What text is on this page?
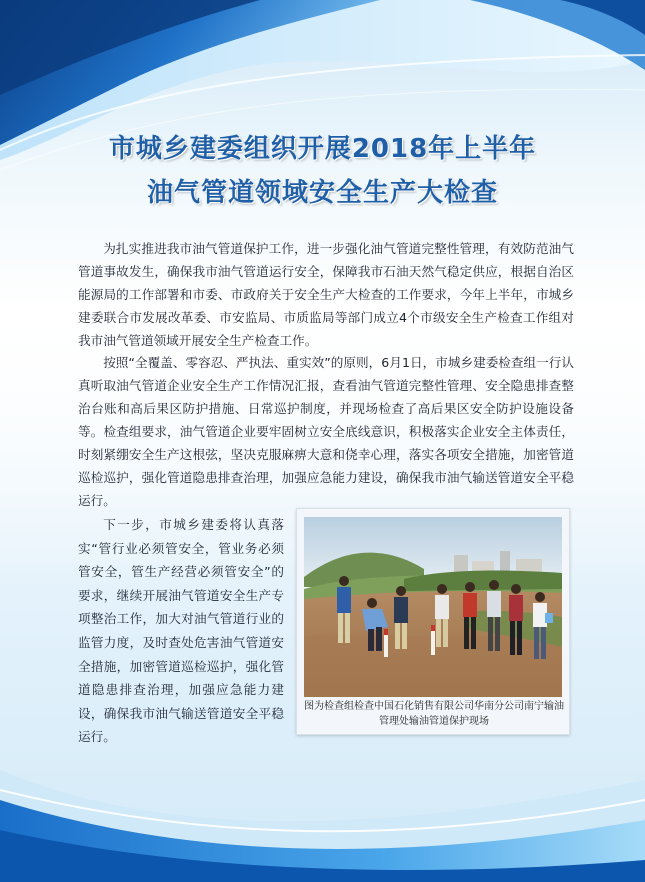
市城乡建委组织开展2018年上半年
油气管道领域安全生产大检查

为扎实推进我市油气管道保护工作，进一步强化油气管道完整性管理，有效防范油气管道事故发生，确保我市油气管道运行安全，保障我市石油天然气稳定供应，根据自治区能源局的工作部署和市委、市政府关于安全生产大检查的工作要求，今年上半年，市城乡建委联合市发展改革委、市安监局、市质监局等部门成立4个市级安全生产检查工作组对我市油气管道领域开展安全生产检查工作。

按照“全覆盖、零容忍、严执法、重实效”的原则，6月1日，市城乡建委检查组一行认真听取油气管道企业安全生产工作情况汇报，查看油气管道完整性管理、安全隐患排查整治台账和高后果区防护措施、日常巡护制度，并现场检查了高后果区安全防护设施设备等。检查组要求，油气管道企业要牢固树立安全底线意识，积极落实企业安全主体责任，时刻紧绷安全生产这根弦，坚决克服麻痹大意和侥幸心理，落实各项安全措施，加密管道巡检巡护，强化管道隐患排查治理，加强应急能力建设，确保我市油气输送管道安全平稳运行。

下一步，市城乡建委将认真落实“管行业必须管安全，管业务必须管安全，管生产经营必须管安全”的要求，继续开展油气管道安全生产专项整治工作，加大对油气管道行业的监管力度，及时查处危害油气管道安全措施，加密管道巡检巡护，强化管道隐患排查治理，加强应急能力建设，确保我市油气输送管道安全平稳运行。

图为检查组检查中国石化销售有限公司华南分公司南宁输油管理处输油管道保护现场
